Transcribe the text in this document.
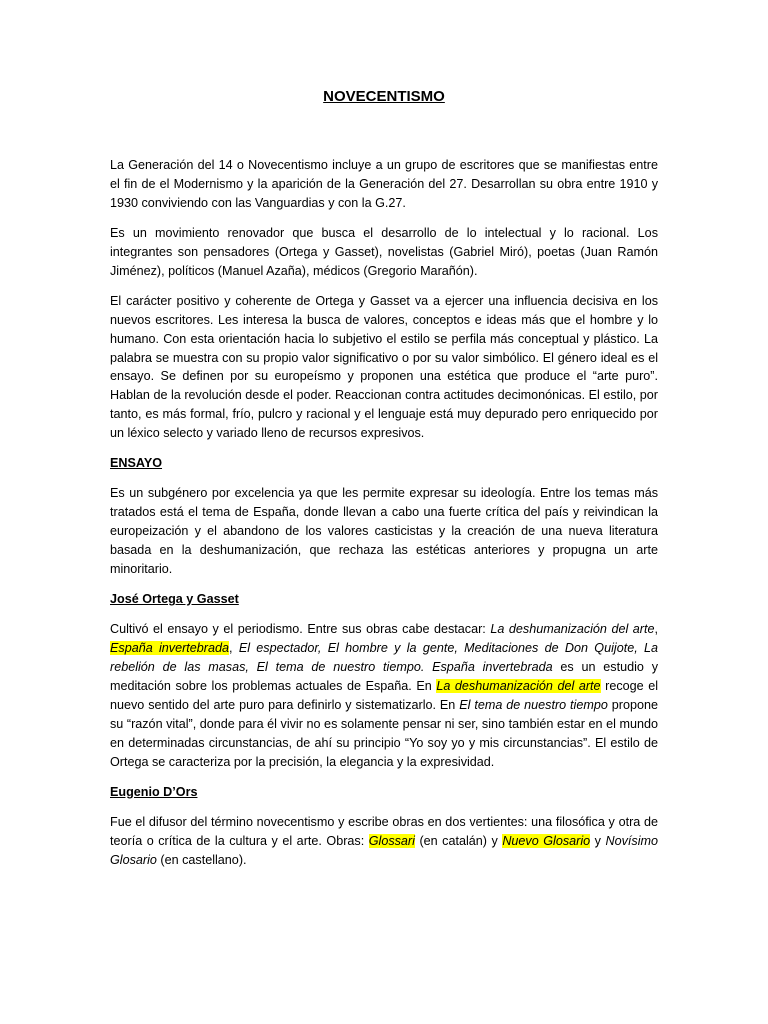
NOVECENTISMO

La Generación del 14 o Novecentismo incluye a un grupo de escritores que se manifiestas entre el fin de el Modernismo y la aparición de la Generación del 27. Desarrollan su obra entre 1910 y 1930 conviviendo con las Vanguardias y con la G.27.

Es un movimiento renovador que busca el desarrollo de lo intelectual y lo racional. Los integrantes son pensadores (Ortega y Gasset), novelistas (Gabriel Miró), poetas (Juan Ramón Jiménez), políticos (Manuel Azaña), médicos (Gregorio Marañón).

El carácter positivo y coherente de Ortega y Gasset va a ejercer una influencia decisiva en los nuevos escritores. Les interesa la busca de valores, conceptos e ideas más que el hombre y lo humano. Con esta orientación hacia lo subjetivo el estilo se perfila más conceptual y plástico. La palabra se muestra con su propio valor significativo o por su valor simbólico. El género ideal es el ensayo. Se definen por su europeísmo y proponen una estética que produce el “arte puro”. Hablan de la revolución desde el poder. Reaccionan contra actitudes decimonónicas. El estilo, por tanto, es más formal, frío, pulcro y racional y el lenguaje está muy depurado pero enriquecido por un léxico selecto y variado lleno de recursos expresivos.

ENSAYO

Es un subgénero por excelencia ya que les permite expresar su ideología. Entre los temas más tratados está el tema de España, donde llevan a cabo una fuerte crítica del país y reivindican la europeización y el abandono de los valores casticistas y la creación de una nueva literatura basada en la deshumanización, que rechaza las estéticas anteriores y propugna un arte minoritario.

José Ortega y Gasset

Cultivó el ensayo y el periodismo. Entre sus obras cabe destacar: La deshumanización del arte, España invertebrada, El espectador, El hombre y la gente, Meditaciones de Don Quijote, La rebelión de las masas, El tema de nuestro tiempo. España invertebrada es un estudio y meditación sobre los problemas actuales de España. En La deshumanización del arte recoge el nuevo sentido del arte puro para definirlo y sistematizarlo. En El tema de nuestro tiempo propone su “razón vital”, donde para él vivir no es solamente pensar ni ser, sino también estar en el mundo en determinadas circunstancias, de ahí su principio “Yo soy yo y mis circunstancias”. El estilo de Ortega se caracteriza por la precisión, la elegancia y la expresividad.

Eugenio D’Ors

Fue el difusor del término novecentismo y escribe obras en dos vertientes: una filosófica y otra de teoría o crítica de la cultura y el arte. Obras: Glossari (en catalán) y Nuevo Glosario y Novísimo Glosario (en castellano).
